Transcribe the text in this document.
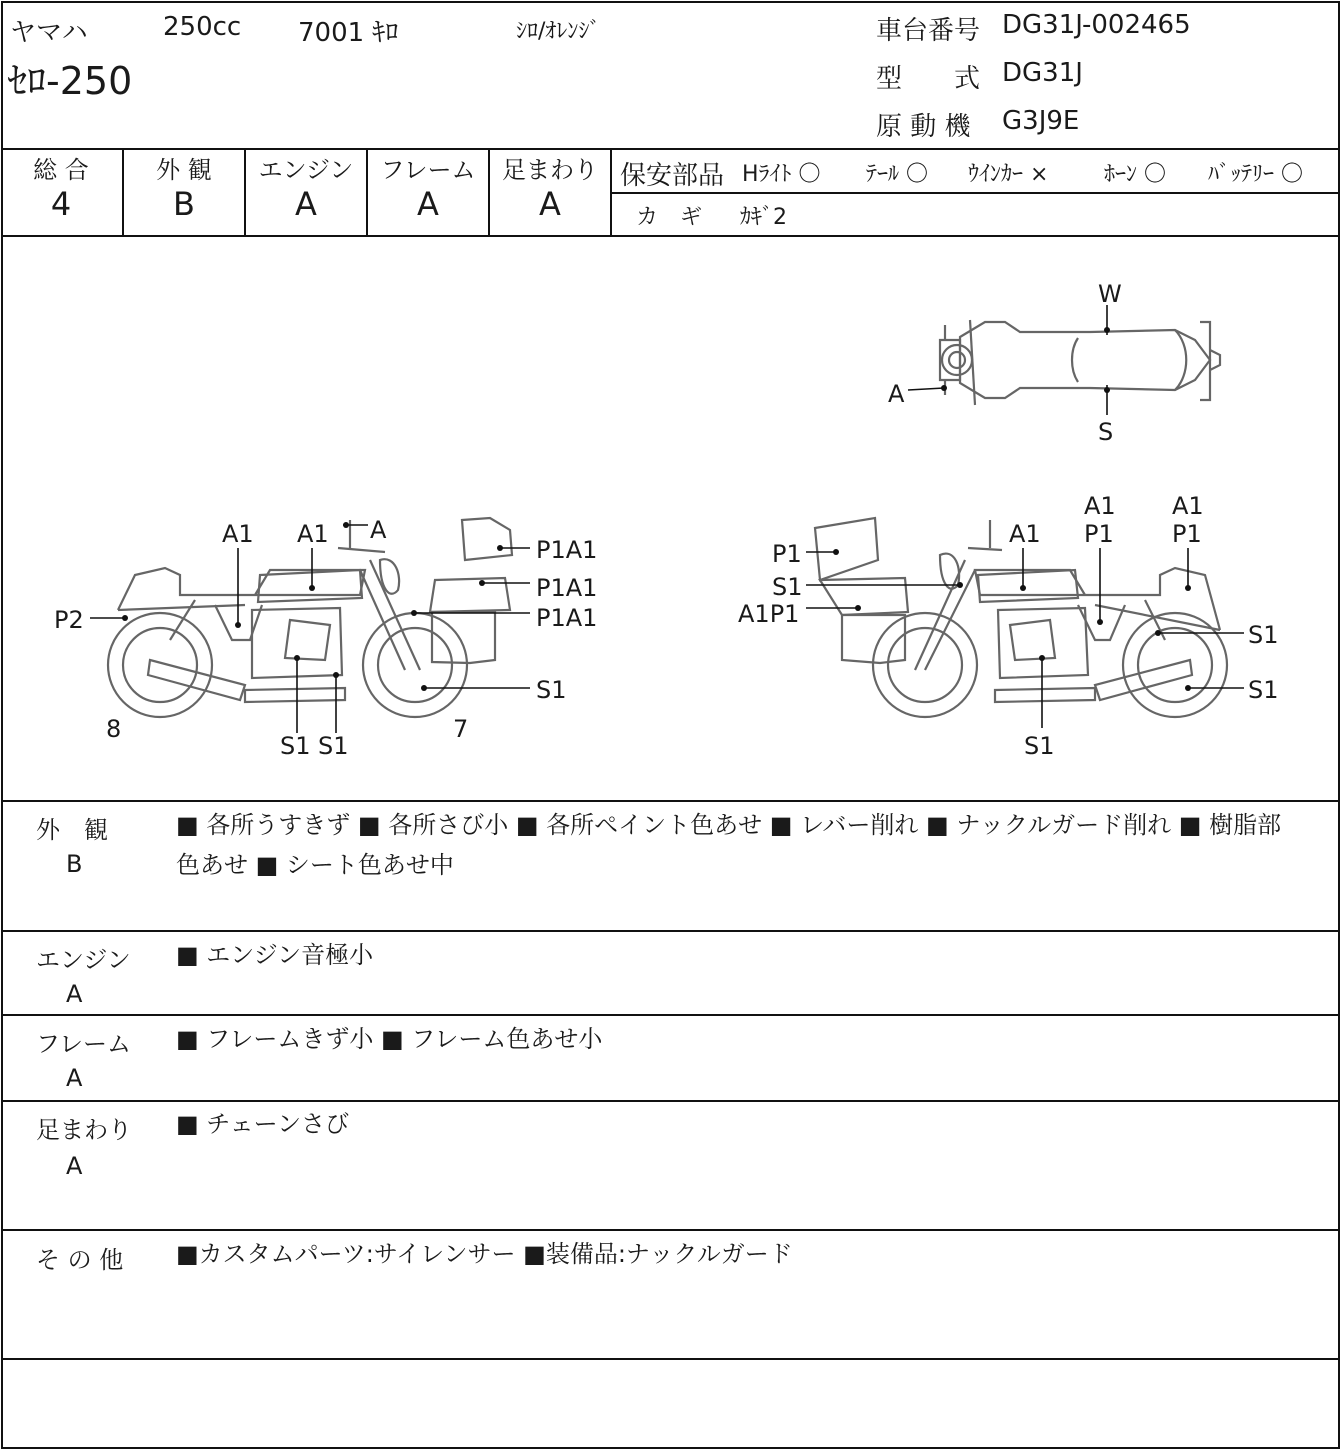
ヤマハ	250cc 7001 ｷﾛ	ｼﾛ/ｵﾚﾝｼﾞ
ｾﾛ-250
車台番号 DG31J-002465
型　　式 DG31J
原 動 機 G3J9E
総 合
4
外 観
B
エンジン
A
フレーム
A
足まわり
A
保安部品 Hﾗｲﾄ 〇 ﾃｰﾙ 〇 ｳｲﾝｶｰ ×	ﾎｰﾝ 〇 ﾊﾞｯﾃﾘｰ 〇
カ　ギ ｶｷﾞ2
W
A
S
A1 A1 A
P1A1
P1A1
P1A1
P2
S1
8
S1 S1
7
A1
P1
A1
P1
A1
P1
S1
A1P1
S1
S1
S1
外　観
B
■ 各所うすきず ■ 各所さび小 ■ 各所ペイント色あせ ■ レバー削れ ■ ナックルガード削れ ■ 樹脂部
色あせ ■ シート色あせ中
エンジン
A
■ エンジン音極小
フレーム
A
■ フレームきず小 ■ フレーム色あせ小
足まわり
A
■ チェーンさび
そ の 他 ■カスタムパーツ:サイレンサー ■装備品:ナックルガード
